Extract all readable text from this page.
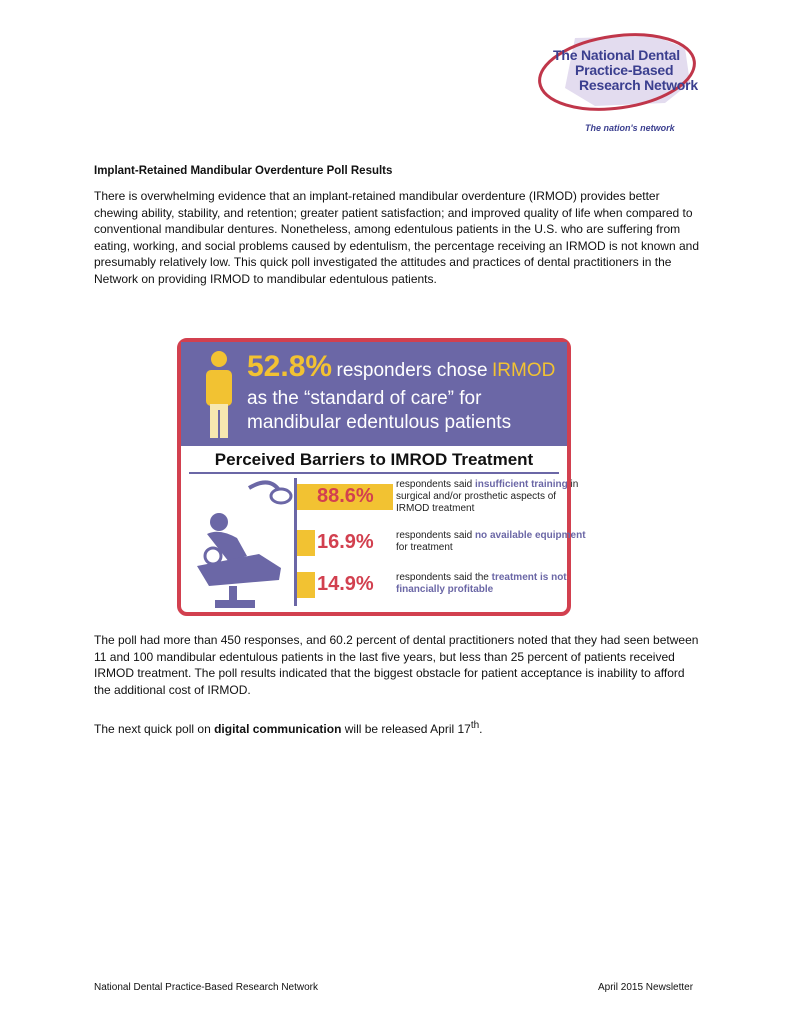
The National Dental
Practice-Based
Research Network
The nation's network
Implant-Retained Mandibular Overdenture Poll Results

There is overwhelming evidence that an implant-retained mandibular overdenture (IRMOD) provides better chewing ability, stability, and retention; greater patient satisfaction; and improved quality of life when compared to conventional mandibular dentures. Nonetheless, among edentulous patients in the U.S. who are suffering from eating, working, and social problems caused by edentulism, the percentage receiving an IRMOD is not known and presumably relatively low. This quick poll investigated the attitudes and practices of dental practitioners in the Network on providing IRMOD to mandibular edentulous patients.

52.8% responders chose IRMOD
as the “standard of care” for
mandibular edentulous patients
Perceived Barriers to IMROD Treatment
88.6%
respondents said insufficient training in surgical and/or prosthetic aspects of IRMOD treatment
16.9% respondents said no available equipment for treatment
14.9% respondents said the treatment is not financially profitable

The poll had more than 450 responses, and 60.2 percent of dental practitioners noted that they had seen between 11 and 100 mandibular edentulous patients in the last five years, but less than 25 percent of patients received IRMOD treatment. The poll results indicated that the biggest obstacle for patient acceptance is inability to afford the additional cost of IRMOD.

The next quick poll on digital communication will be released April 17th.

National Dental Practice-Based Research Network	April 2015 Newsletter
